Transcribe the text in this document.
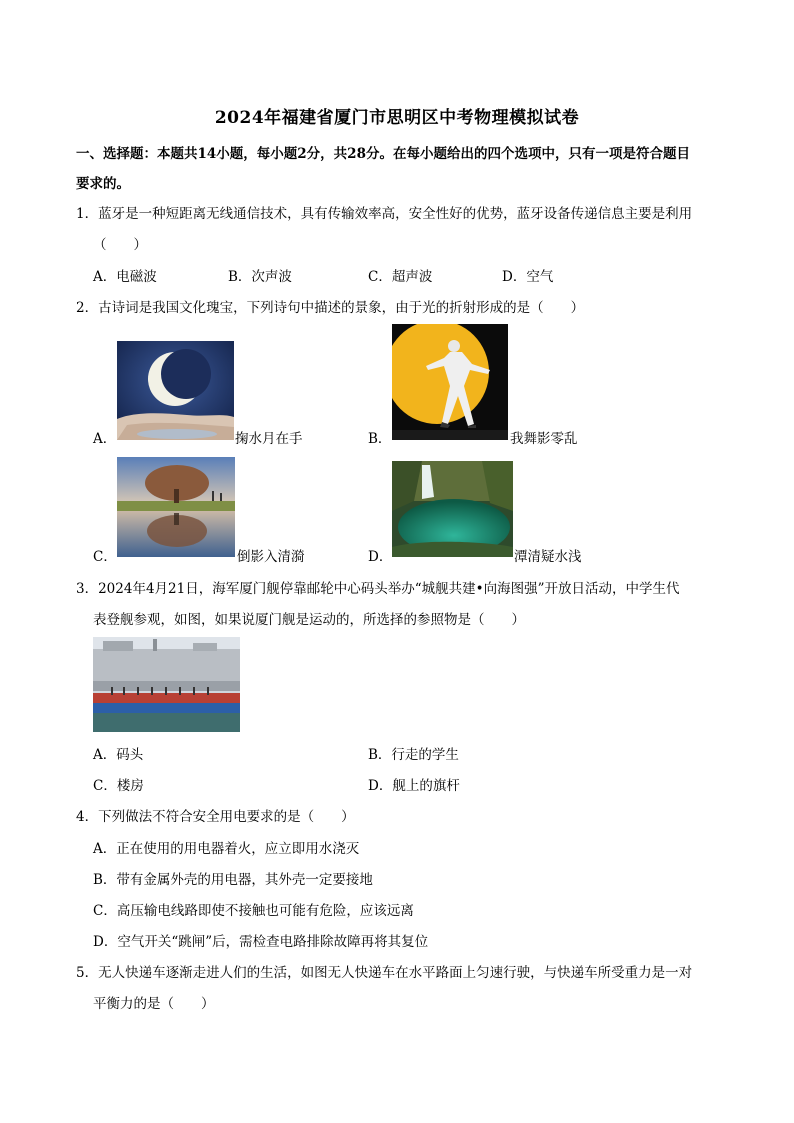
2024年福建省厦门市思明区中考物理模拟试卷
一、选择题：本题共14小题，每小题2分，共28分。在每小题给出的四个选项中，只有一项是符合题目
要求的。
1．蓝牙是一种短距离无线通信技术，具有传输效率高，安全性好的优势，蓝牙设备传递信息主要是利用
（　　）
A．电磁波	B．次声波	C．超声波	D．空气
2．古诗词是我国文化瑰宝，下列诗句中描述的景象，由于光的折射形成的是（　　）
A．	掬水月在手	B．	我舞影零乱
C．	倒影入清漪	D．	潭清疑水浅
3．2024年4月21日，海军厦门舰停靠邮轮中心码头举办“城舰共建•向海图强”开放日活动，中学生代
表登舰参观，如图，如果说厦门舰是运动的，所选择的参照物是（　　）
A．码头	B．行走的学生
C．楼房	D．舰上的旗杆
4．下列做法不符合安全用电要求的是（　　）
A．正在使用的用电器着火，应立即用水浇灭
B．带有金属外壳的用电器，其外壳一定要接地
C．高压输电线路即使不接触也可能有危险，应该远离
D．空气开关“跳闸”后，需检查电路排除故障再将其复位
5．无人快递车逐渐走进人们的生活，如图无人快递车在水平路面上匀速行驶，与快递车所受重力是一对
平衡力的是（　　）
